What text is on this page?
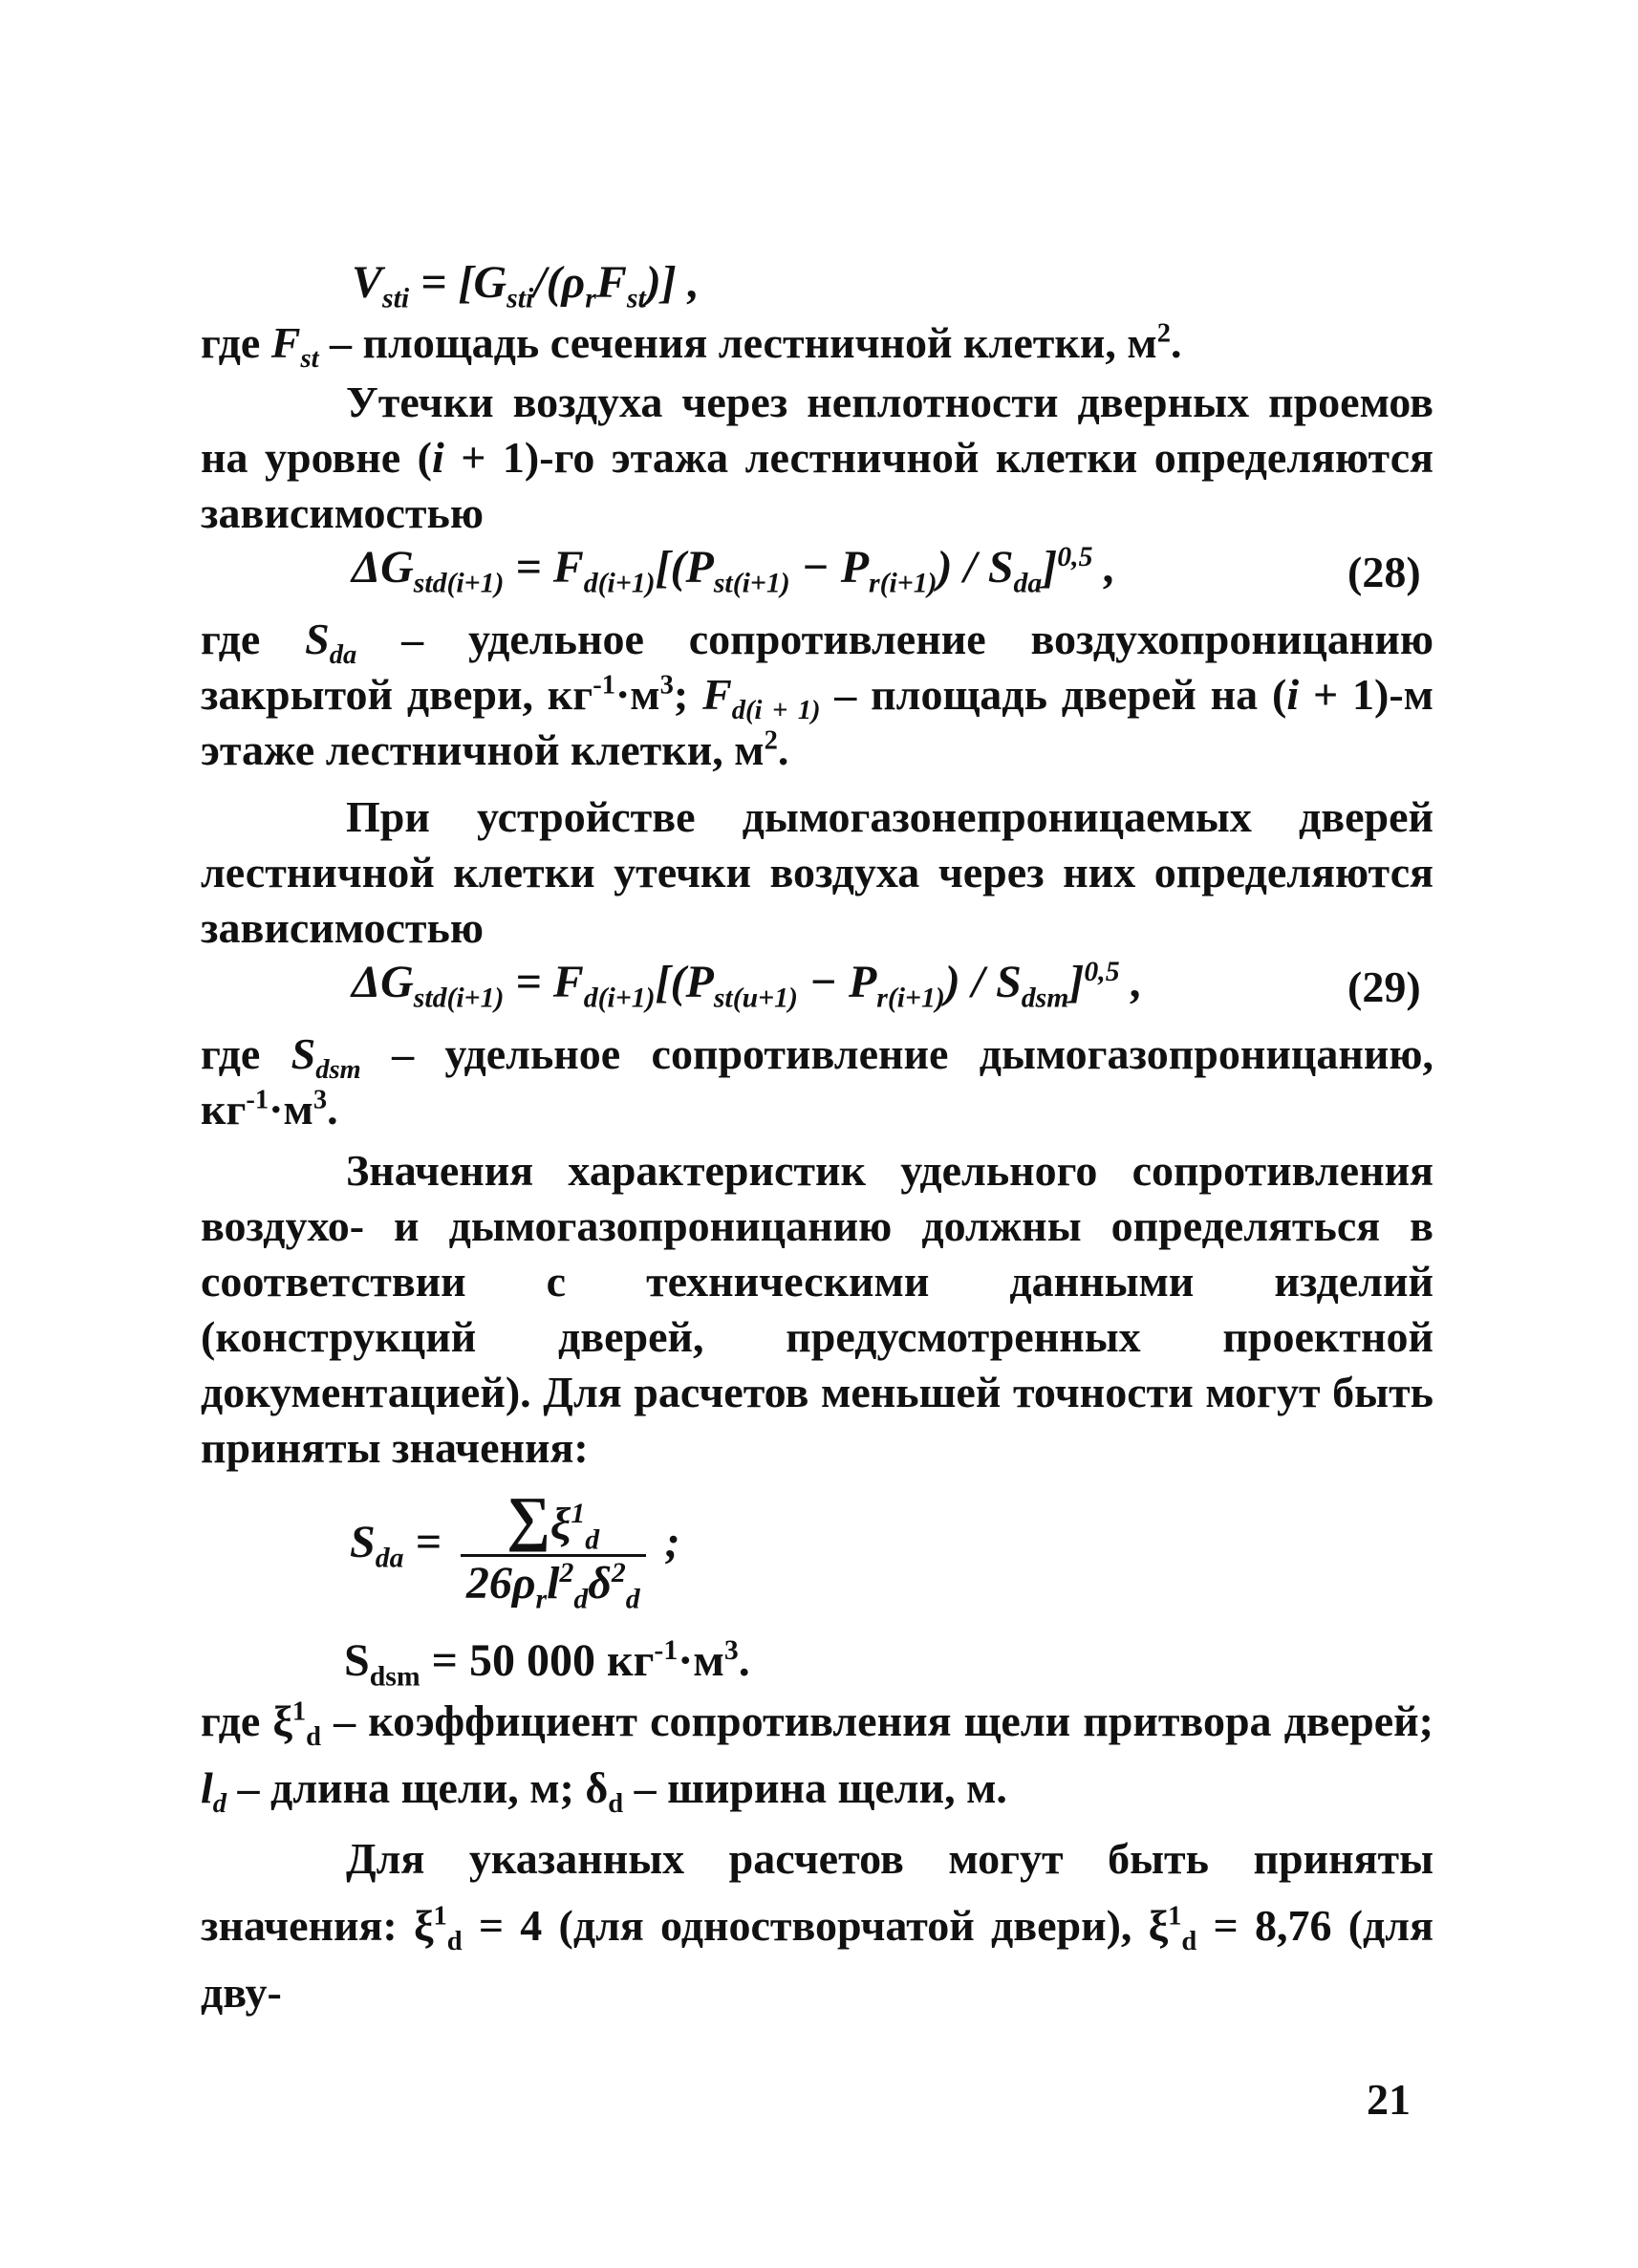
$V_{sti} = [G_{sti}/(\rho_rF_{st})]$ ,
где $F_{st}$ – площадь сечения лестничной клетки, $м^2$.
Утечки воздуха через неплотности дверных проемов на уровне (i + 1)-го этажа лестничной клетки определяются зависимостью
$\Delta G_{std(i+1)} = F_{d(i+1)}[(P_{st(i+1)} - P_{r(i+1)}) / S_{da}]^{0,5}$ ,	(28)
где $S_{da}$ – удельное сопротивление воздухопроницанию закрытой двери, $кг^{-1}\cdot м^3$; $F_{d(i + 1)}$ – площадь дверей на (i + 1)-м этаже лестничной клетки, $м^2$.
При устройстве дымогазонепроницаемых дверей лестничной клетки утечки воздуха через них определяются зависимостью
$\Delta G_{std(i+1)} = F_{d(i+1)}[(P_{st(u+1)} - P_{r(i+1)}) / S_{dsm}]^{0,5}$ ,	(29)
где $S_{dsm}$ – удельное сопротивление дымогазопроницанию, $кг^{-1}\cdot м^3$.
Значения характеристик удельного сопротивления воздухо- и дымогазопроницанию должны определяться в соответствии с техническими данными изделий (конструкций дверей, предусмотренных проектной документацией). Для расчетов меньшей точности могут быть приняты значения:
$S_{da} = \frac{\sum\xi^1_d}{26\rho_rl^2_d\delta^2_d}$ ;
$S_{dsm} = 50$ 000 $кг^{-1}\cdot м^3$.
где $\xi^1_d$ – коэффициент сопротивления щели притвора дверей; $l_d$ – длина щели, м; $\delta_d$ – ширина щели, м.
Для указанных расчетов могут быть приняты значения: $\xi^1_d = 4$ (для одностворчатой двери), $\xi^1_d = 8,76$ (для дву-
21
